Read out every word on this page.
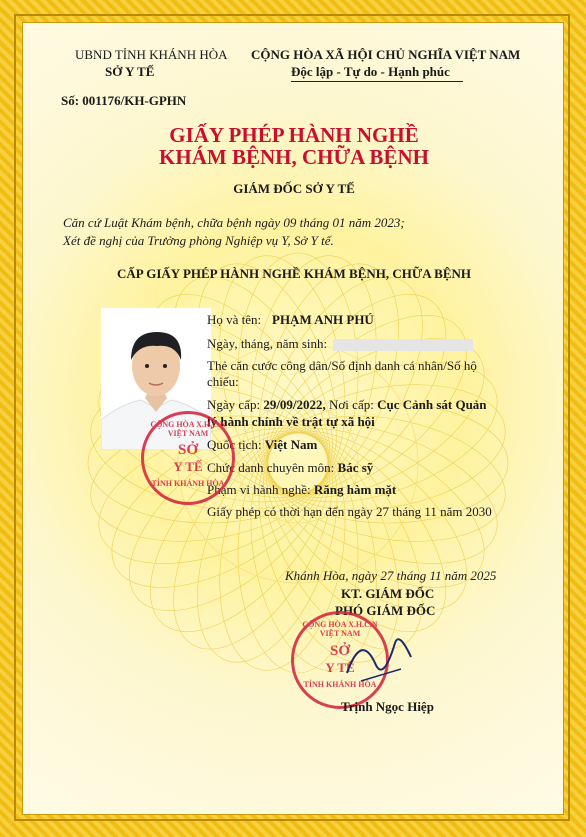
UBND TỈNH KHÁNH HÒA
SỞ Y TẾ
CỘNG HÒA XÃ HỘI CHỦ NGHĨA VIỆT NAM
Độc lập - Tự do - Hạnh phúc
Số: 001176/KH-GPHN
GIẤY PHÉP HÀNH NGHỀ
KHÁM BỆNH, CHỮA BỆNH
GIÁM ĐỐC SỞ Y TẾ
Căn cứ Luật Khám bệnh, chữa bệnh ngày 09 tháng 01 năm 2023;
Xét đề nghị của Trưởng phòng Nghiệp vụ Y, Sở Y tế.
CẤP GIẤY PHÉP HÀNH NGHỀ KHÁM BỆNH, CHỮA BỆNH
Họ và tên: PHẠM ANH PHÚ
Ngày, tháng, năm sinh:
Thẻ căn cước công dân/Số định danh cá nhân/Số hộ
chiếu:
Ngày cấp: 29/09/2022, Nơi cấp: Cục Cảnh sát Quản
lý hành chính về trật tự xã hội
Quốc tịch: Việt Nam
Chức danh chuyên môn: Bác sỹ
Phạm vi hành nghề: Răng hàm mặt
Giấy phép có thời hạn đến ngày 27 tháng 11 năm 2030
CỘNG HÒA X.H.C.N VIỆT NAM
SỞ
Y TẾ
TỈNH KHÁNH HÒA
Khánh Hòa, ngày 27 tháng 11 năm 2025
KT. GIÁM ĐỐC
PHÓ GIÁM ĐỐC
CỘNG HÒA X.H.C.N VIỆT NAM
SỞ
Y TẾ
TỈNH KHÁNH HÒA
Trịnh Ngọc Hiệp
